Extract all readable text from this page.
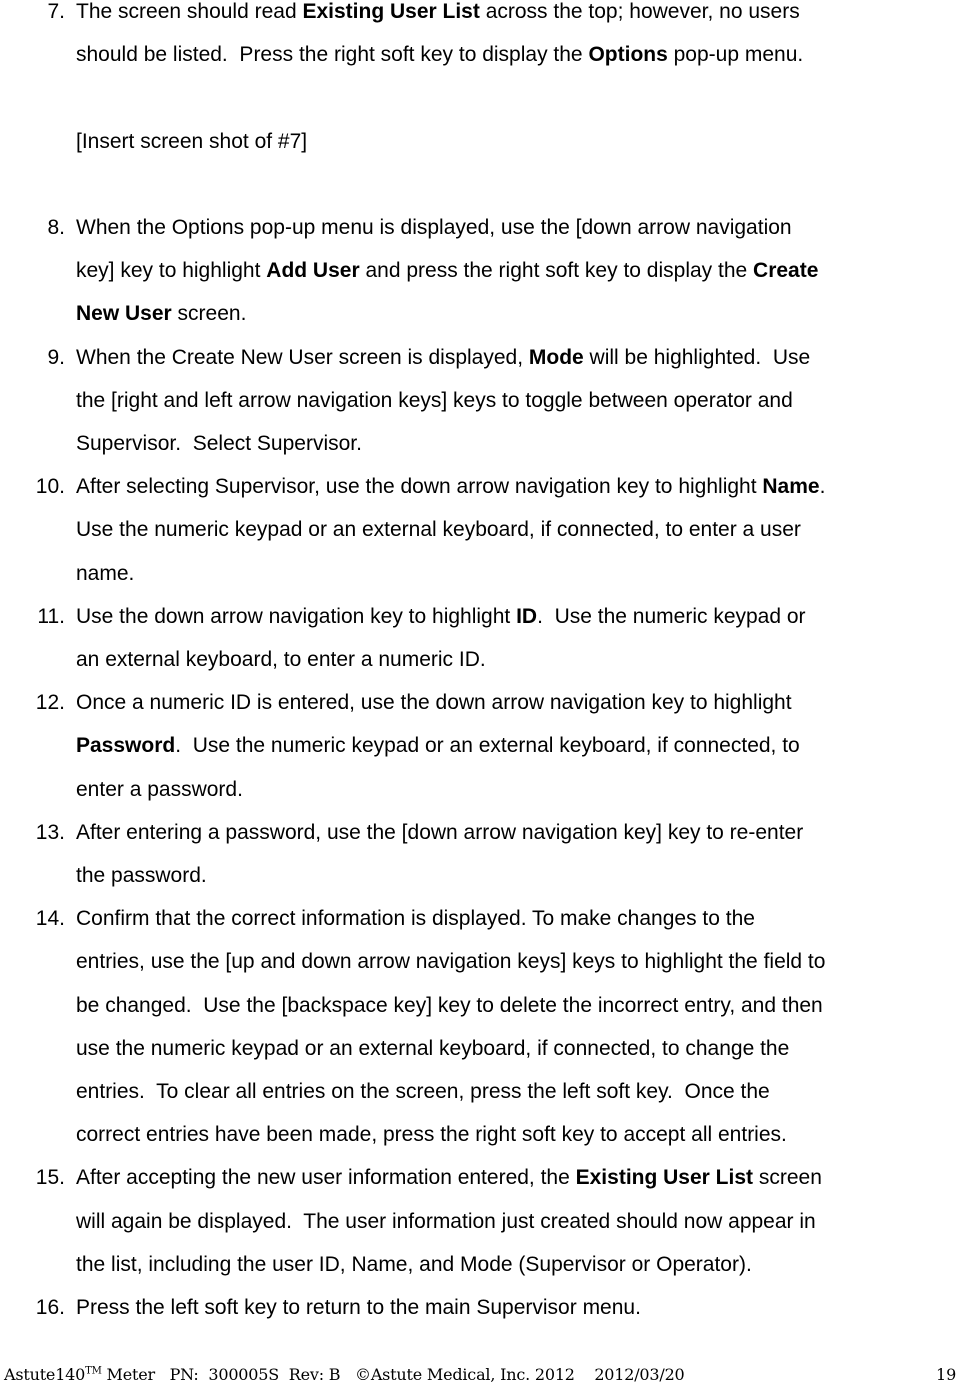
7. The screen should read Existing User List across the top; however, no users
should be listed.  Press the right soft key to display the Options pop-up menu.
[Insert screen shot of #7]
8. When the Options pop-up menu is displayed, use the [down arrow navigation
key] key to highlight Add User and press the right soft key to display the Create
New User screen.
9. When the Create New User screen is displayed, Mode will be highlighted.  Use
the [right and left arrow navigation keys] keys to toggle between operator and
Supervisor.  Select Supervisor.
10. After selecting Supervisor, use the down arrow navigation key to highlight Name.
Use the numeric keypad or an external keyboard, if connected, to enter a user
name.
11. Use the down arrow navigation key to highlight ID.  Use the numeric keypad or
an external keyboard, to enter a numeric ID.
12. Once a numeric ID is entered, use the down arrow navigation key to highlight
Password.  Use the numeric keypad or an external keyboard, if connected, to
enter a password.
13. After entering a password, use the [down arrow navigation key] key to re-enter
the password.
14. Confirm that the correct information is displayed. To make changes to the
entries, use the [up and down arrow navigation keys] keys to highlight the field to
be changed.  Use the [backspace key] key to delete the incorrect entry, and then
use the numeric keypad or an external keyboard, if connected, to change the
entries.  To clear all entries on the screen, press the left soft key.  Once the
correct entries have been made, press the right soft key to accept all entries.
15. After accepting the new user information entered, the Existing User List screen
will again be displayed.  The user information just created should now appear in
the list, including the user ID, Name, and Mode (Supervisor or Operator).
16. Press the left soft key to return to the main Supervisor menu.
Astute140™ Meter   PN:  300005S  Rev: B   ©Astute Medical, Inc. 2012    2012/03/20	19
